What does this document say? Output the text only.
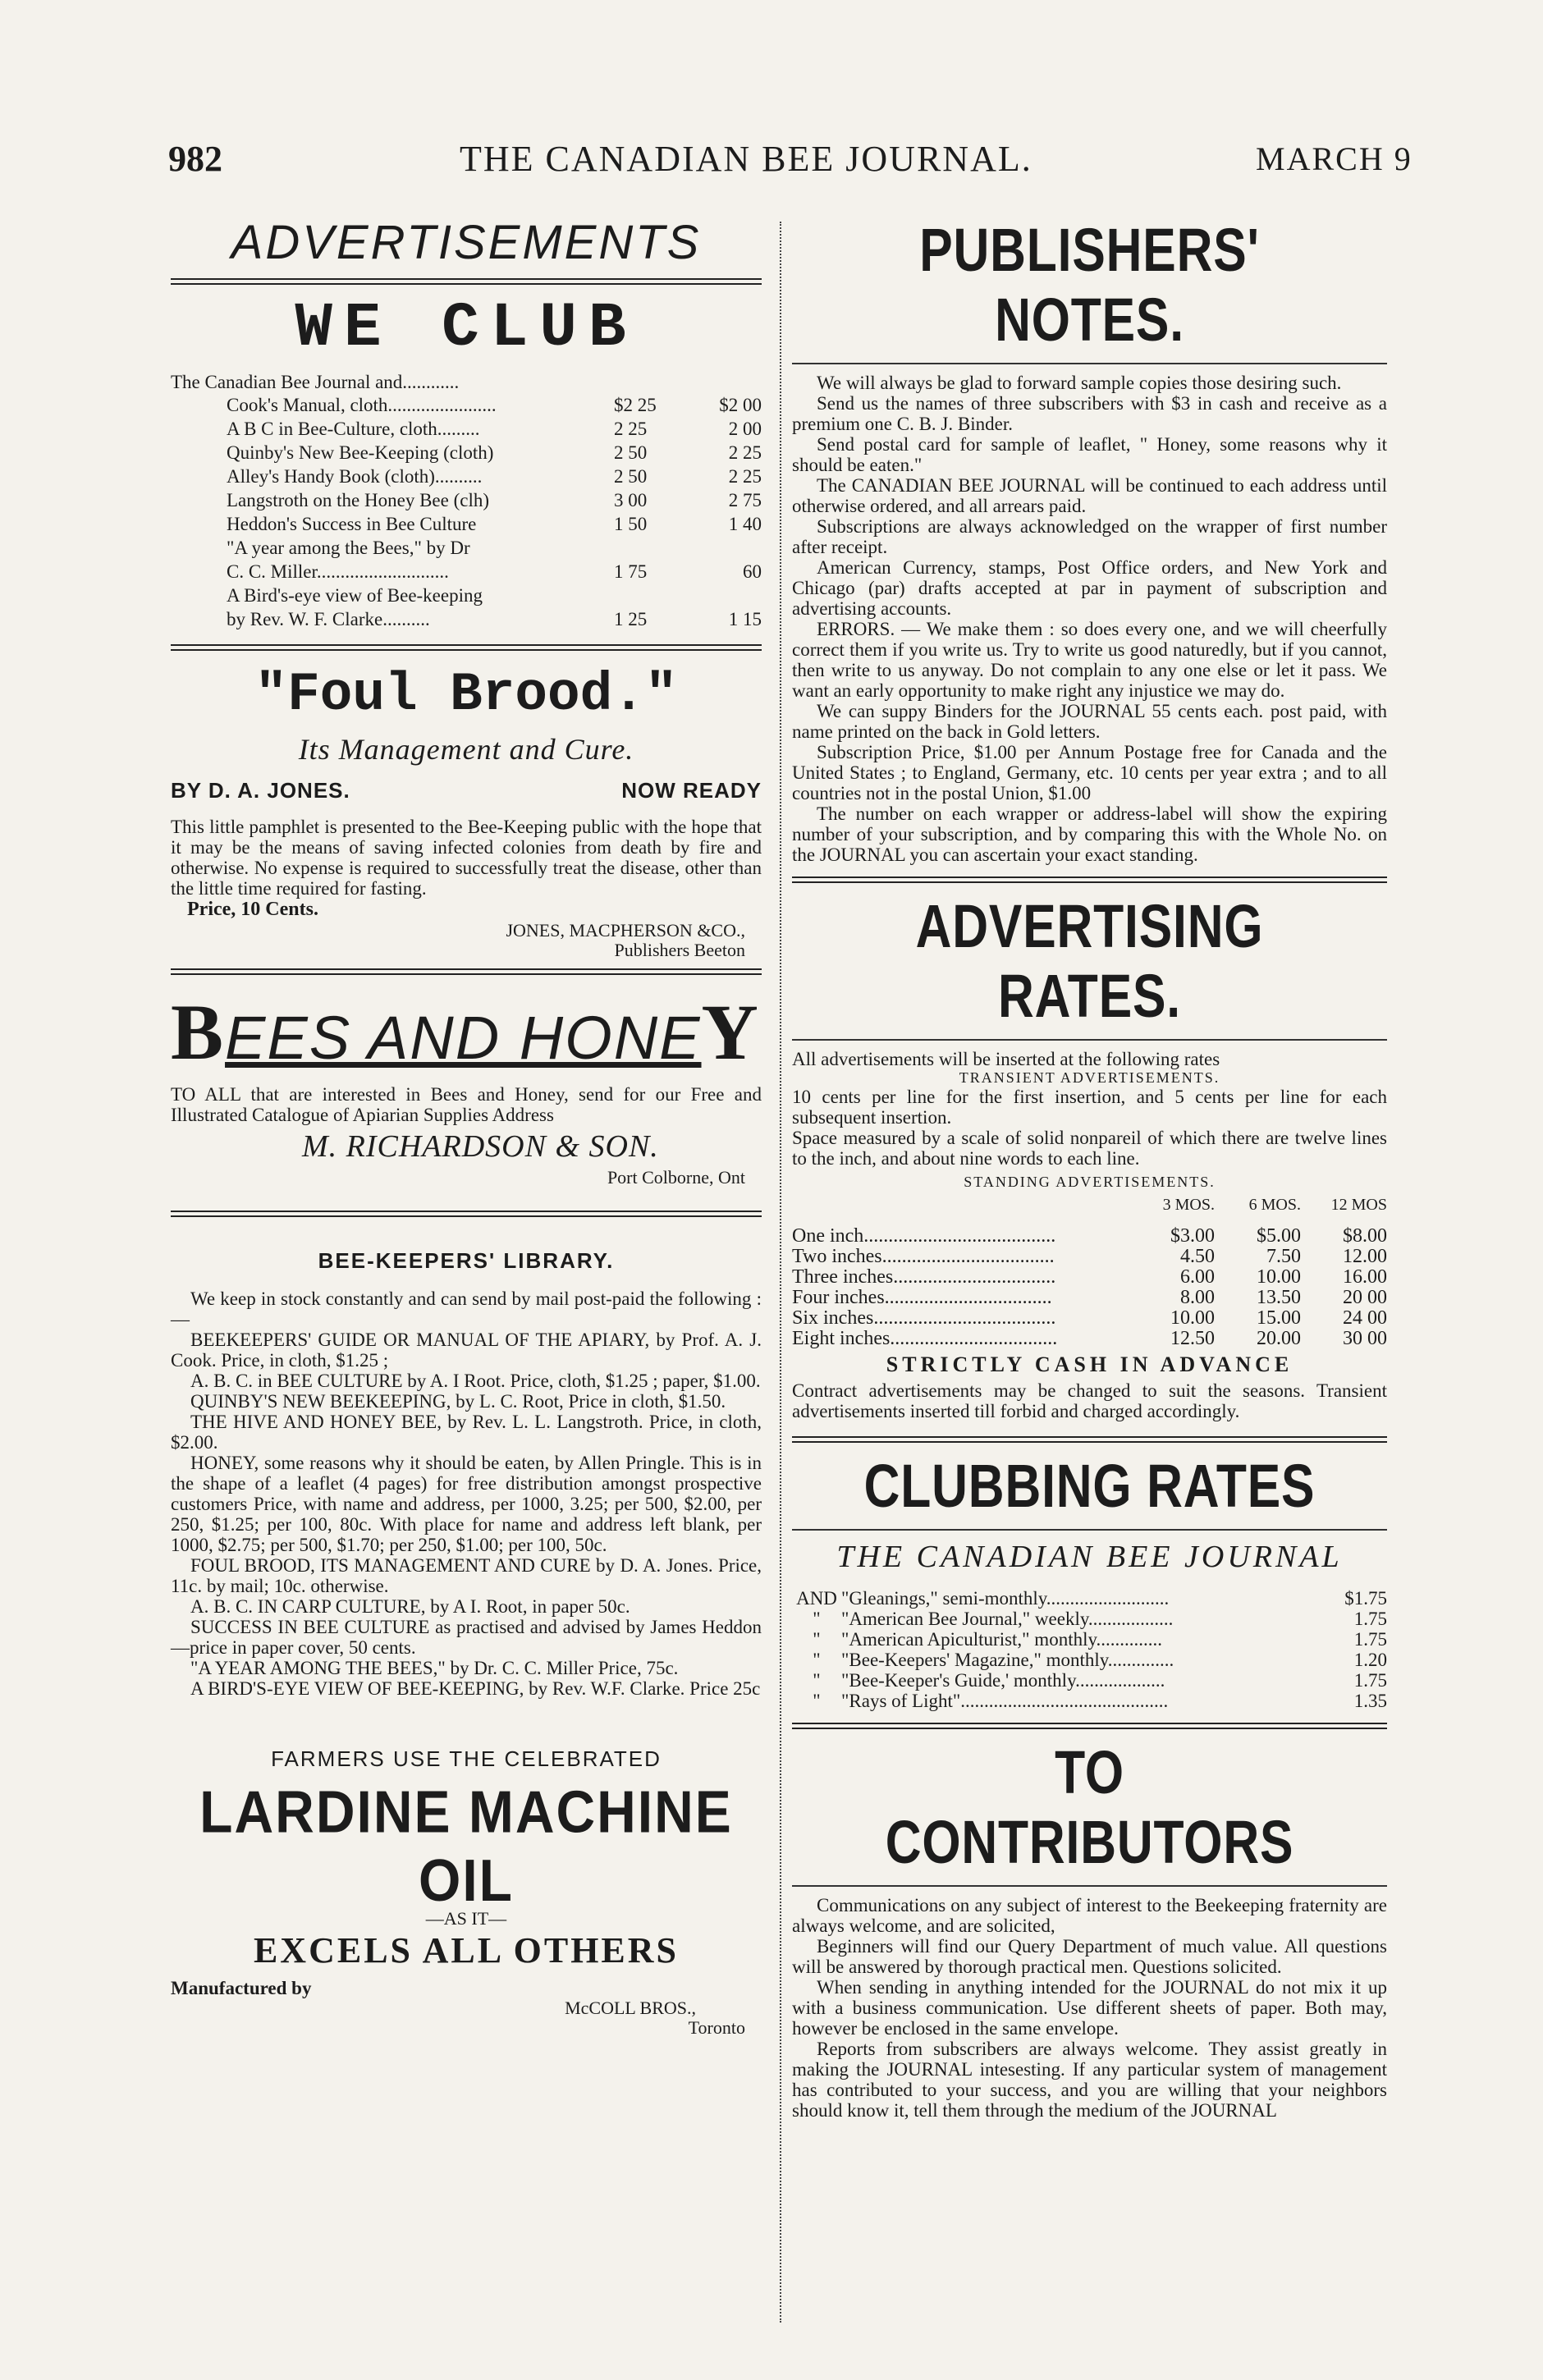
982	THE CANADIAN BEE JOURNAL.	MARCH 9
ADVERTISEMENTS
WE CLUB
The Canadian Bee Journal and............
Cook's Manual, cloth.......................	$2 25	$2 00
A B C in Bee-Culture, cloth.........	2 25	2 00
Quinby's New Bee-Keeping (cloth)	2 50	2 25
Alley's Handy Book (cloth)..........	2 50	2 25
Langstroth on the Honey Bee (clh)	3 00	2 75
Heddon's Success in Bee Culture	1 50	1 40
"A year among the Bees," by Dr
C. C. Miller............................	1 75	60
A Bird's-eye view of Bee-keeping
by Rev. W. F. Clarke..........	1 25	1 15
"Foul Brood."
Its Management and Cure.
BY D. A. JONES.	NOW READY
This little pamphlet is presented to the Bee-Keeping public with the hope that it may be the means of saving infected colonies from death by fire and otherwise. No expense is required to successfully treat the disease, other than the little time required for fasting.
Price, 10 Cents.
JONES, MACPHERSON &CO.,
Publishers Beeton
BEES AND HONEY
TO ALL that are interested in Bees and Honey, send for our Free and Illustrated Catalogue of Apiarian Supplies Address
M. RICHARDSON & SON.
Port Colborne, Ont
BEE-KEEPERS' LIBRARY.
We keep in stock constantly and can send by mail post-paid the following :—
BEEKEEPERS' GUIDE OR MANUAL OF THE APIARY, by Prof. A. J. Cook. Price, in cloth, $1.25 ;
A. B. C. in BEE CULTURE by A. I Root. Price, cloth, $1.25 ; paper, $1.00.
QUINBY'S NEW BEEKEEPING, by L. C. Root, Price in cloth, $1.50.
THE HIVE AND HONEY BEE, by Rev. L. L. Langstroth. Price, in cloth, $2.00.
HONEY, some reasons why it should be eaten, by Allen Pringle. This is in the shape of a leaflet (4 pages) for free distribution amongst prospective customers Price, with name and address, per 1000, 3.25; per 500, $2.00, per 250, $1.25; per 100, 80c. With place for name and address left blank, per 1000, $2.75; per 500, $1.70; per 250, $1.00; per 100, 50c.
FOUL BROOD, ITS MANAGEMENT AND CURE by D. A. Jones. Price, 11c. by mail; 10c. otherwise.
A. B. C. IN CARP CULTURE, by A I. Root, in paper 50c.
SUCCESS IN BEE CULTURE as practised and advised by James Heddon—price in paper cover, 50 cents.
"A YEAR AMONG THE BEES," by Dr. C. C. Miller Price, 75c.
A BIRD'S-EYE VIEW OF BEE-KEEPING, by Rev. W.F. Clarke. Price 25c
FARMERS USE THE CELEBRATED
LARDINE MACHINE OIL
—AS IT—
EXCELS ALL OTHERS
Manufactured by
McCOLL BROS.,
Toronto
PUBLISHERS' NOTES.
We will always be glad to forward sample copies those desiring such.
Send us the names of three subscribers with $3 in cash and receive as a premium one C. B. J. Binder.
Send postal card for sample of leaflet, " Honey, some reasons why it should be eaten."
The CANADIAN BEE JOURNAL will be continued to each address until otherwise ordered, and all arrears paid.
Subscriptions are always acknowledged on the wrapper of first number after receipt.
American Currency, stamps, Post Office orders, and New York and Chicago (par) drafts accepted at par in payment of subscription and advertising accounts.
ERRORS. — We make them : so does every one, and we will cheerfully correct them if you write us. Try to write us good naturedly, but if you cannot, then write to us anyway. Do not complain to any one else or let it pass. We want an early opportunity to make right any injustice we may do.
We can suppy Binders for the JOURNAL 55 cents each. post paid, with name printed on the back in Gold letters.
Subscription Price, $1.00 per Annum Postage free for Canada and the United States ; to England, Germany, etc. 10 cents per year extra ; and to all countries not in the postal Union, $1.00
The number on each wrapper or address-label will show the expiring number of your subscription, and by comparing this with the Whole No. on the JOURNAL you can ascertain your exact standing.
ADVERTISING RATES.
All advertisements will be inserted at the following rates
TRANSIENT ADVERTISEMENTS.
10 cents per line for the first insertion, and 5 cents per line for each subsequent insertion.
Space measured by a scale of solid nonpareil of which there are twelve lines to the inch, and about nine words to each line.
STANDING ADVERTISEMENTS.
3 MOS.	6 MOS.	12 MOS
One inch.......................................	$3.00	$5.00	$8.00
Two inches...................................	4.50	7.50	12.00
Three inches.................................	6.00	10.00	16.00
Four inches..................................	8.00	13.50	20 00
Six inches.....................................	10.00	15.00	24 00
Eight inches..................................	12.50	20.00	30 00
STRICTLY CASH IN ADVANCE
Contract advertisements may be changed to suit the seasons. Transient advertisements inserted till forbid and charged accordingly.
CLUBBING RATES
THE CANADIAN BEE JOURNAL
AND "Gleanings," semi-monthly..........................	$1.75
"	"American Bee Journal," weekly..................	1.75
"	"American Apiculturist," monthly..............	1.75
"	"Bee-Keepers' Magazine," monthly..............	1.20
"	"Bee-Keeper's Guide,' monthly...................	1.75
"	"Rays of Light"............................................	1.35
TO CONTRIBUTORS
Communications on any subject of interest to the Beekeeping fraternity are always welcome, and are solicited,
Beginners will find our Query Department of much value. All questions will be answered by thorough practical men. Questions solicited.
When sending in anything intended for the JOURNAL do not mix it up with a business communication. Use different sheets of paper. Both may, however be enclosed in the same envelope.
Reports from subscribers are always welcome. They assist greatly in making the JOURNAL intesesting. If any particular system of management has contributed to your success, and you are willing that your neighbors should know it, tell them through the medium of the JOURNAL
